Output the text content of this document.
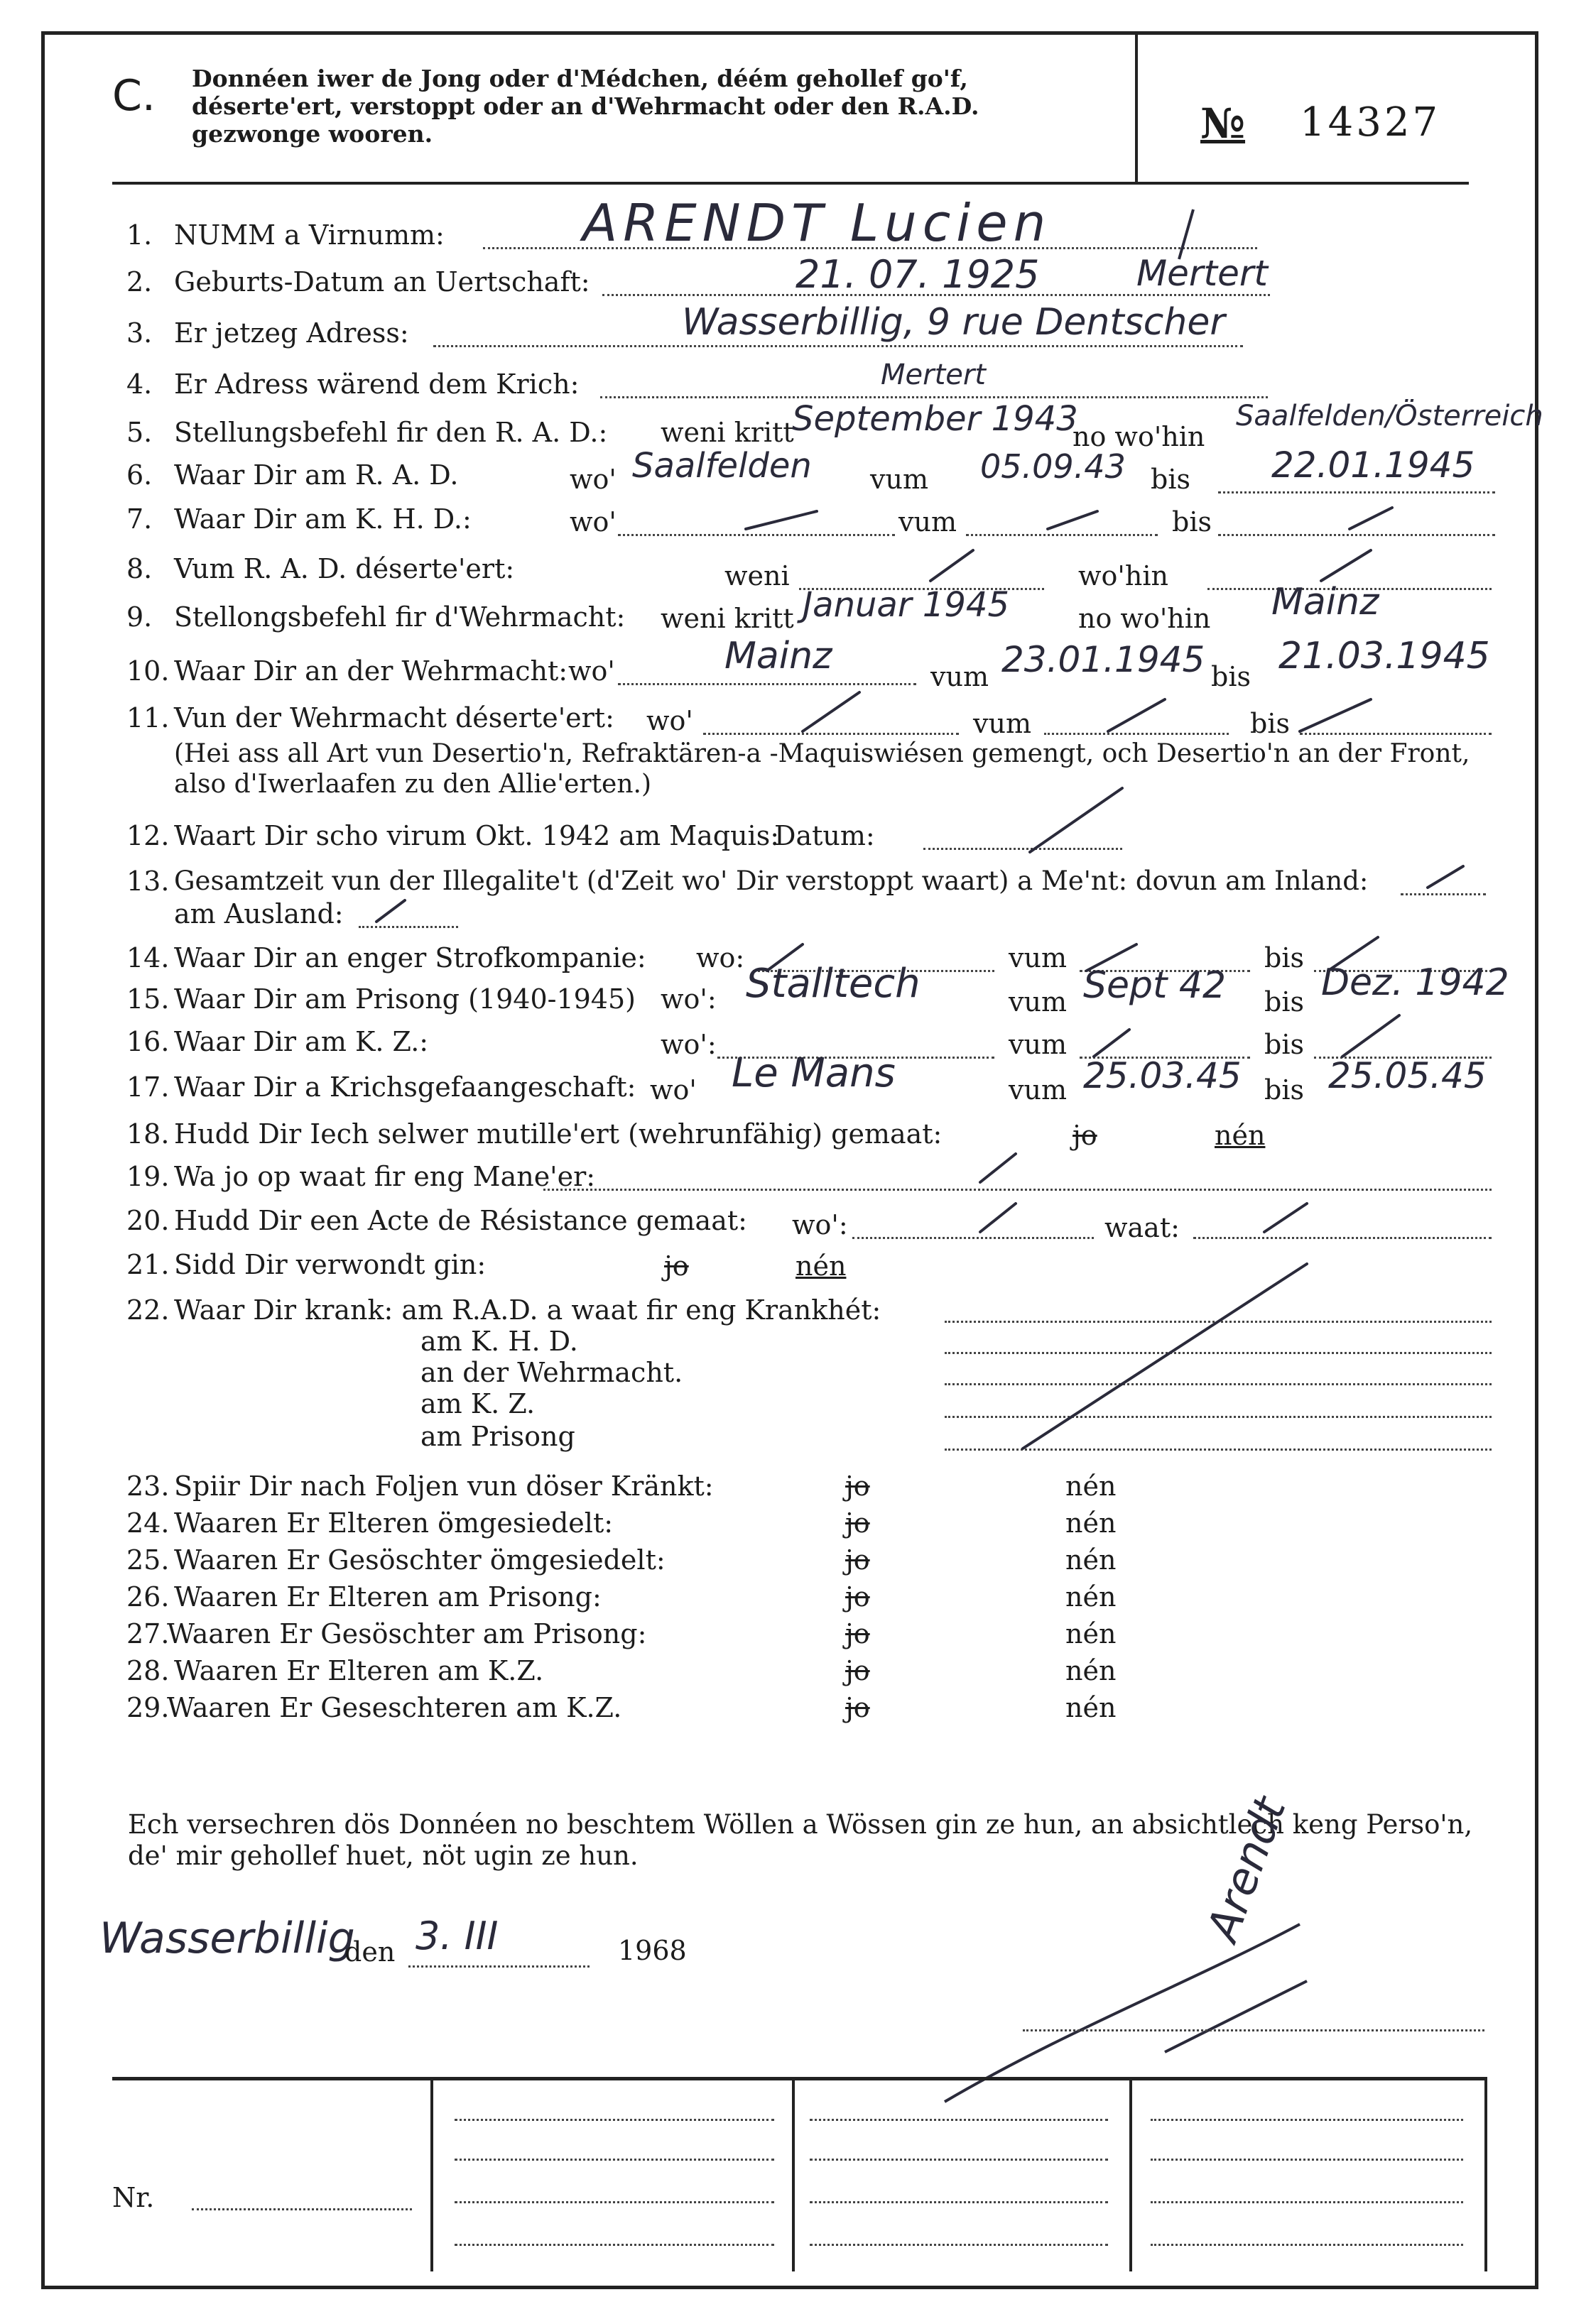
C. Donnéen iwer de Jong oder d'Médchen, déém gehollef go'f, déserte'ert, verstoppt oder an d'Wehrmacht oder den R.A.D. gezwonge wooren.	№ 14327
1. NUMM a Virnumm:	ARENDT Lucien
2. Geburts-Datum an Uertschaft:	21. 07. 1925	Mertert
3. Er jetzeg Adress:	Wasserbillig, 9 rue Dentscher
4. Er Adress wärend dem Krich:	Mertert
5. Stellungsbefehl fir den R. A. D.: weni kritt
September 1943
no wo'hin
Saalfelden/Österreich
6. Waar Dir am R. A. D.	wo' Saalfelden vum 05.09.43 bis 22.01.1945
7. Waar Dir am K. H. D.:	wo'	vum	bis
8. Vum R. A. D. déserte'ert:	weni	wo'hin
9. Stellongsbefehl fir d'Wehrmacht: weni kritt Januar 1945	no wo'hin Mainz
10. Waar Dir an der Wehrmacht: wo'	Mainz	vum 23.01.1945 bis 21.03.1945
11. Vun der Wehrmacht déserte'ert: wo'	vum	bis
(Hei ass all Art vun Desertio'n, Refraktären-a -Maquiswiésen gemengt, och Desertio'n an der Front, also d'Iwerlaafen zu den Allie'erten.)
12. Waart Dir scho virum Okt. 1942 am Maquis:
Datum:
13. Gesamtzeit vun der Illegalite't (d'Zeit wo' Dir verstoppt waart) a Me'nt: dovun am Inland:
am Ausland:
14. Waar Dir an enger Strofkompanie: wo:	vum	bis
15. Waar Dir am Prisong (1940-1945) wo': Stalltech	vum Sept 42 bis Dez. 1942
16. Waar Dir am K. Z.:	wo':	vum	bis
17. Waar Dir a Krichsgefaangeschaft: wo' Le Mans	vum 25.03.45 bis 25.05.45
18. Hudd Dir Iech selwer mutille'ert (wehrunfähig) gemaat:	jo	nén
19. Wa jo op waat fir eng Mane'er:
20. Hudd Dir een Acte de Résistance gemaat: wo':	waat:
21. Sidd Dir verwondt gin:	jo	nén
22. Waar Dir krank: am R.A.D. a waat fir eng Krankhét:
am K. H. D.
an der Wehrmacht.
am K. Z.
am Prisong
23. Spiir Dir nach Foljen vun döser Kränkt:	jo	nén
24. Waaren Er Elteren ömgesiedelt:	jo	nén
25. Waaren Er Gesöschter ömgesiedelt:	jo	nén
26. Waaren Er Elteren am Prisong:	jo	nén
27.
Waaren Er Gesöschter am Prisong:	jo	nén
28. Waaren Er Elteren am K.Z.	jo	nén
29.
Waaren Er Geseschteren am K.Z.	jo	nén
Ech versechren dös Donnéen no beschtem Wöllen a Wössen gin ze hun, an absichtlech keng Perso'n, de' mir gehollef huet, nöt ugin ze hun.
Wasserbillig
den 3. III	1968
Arendt
Nr.
